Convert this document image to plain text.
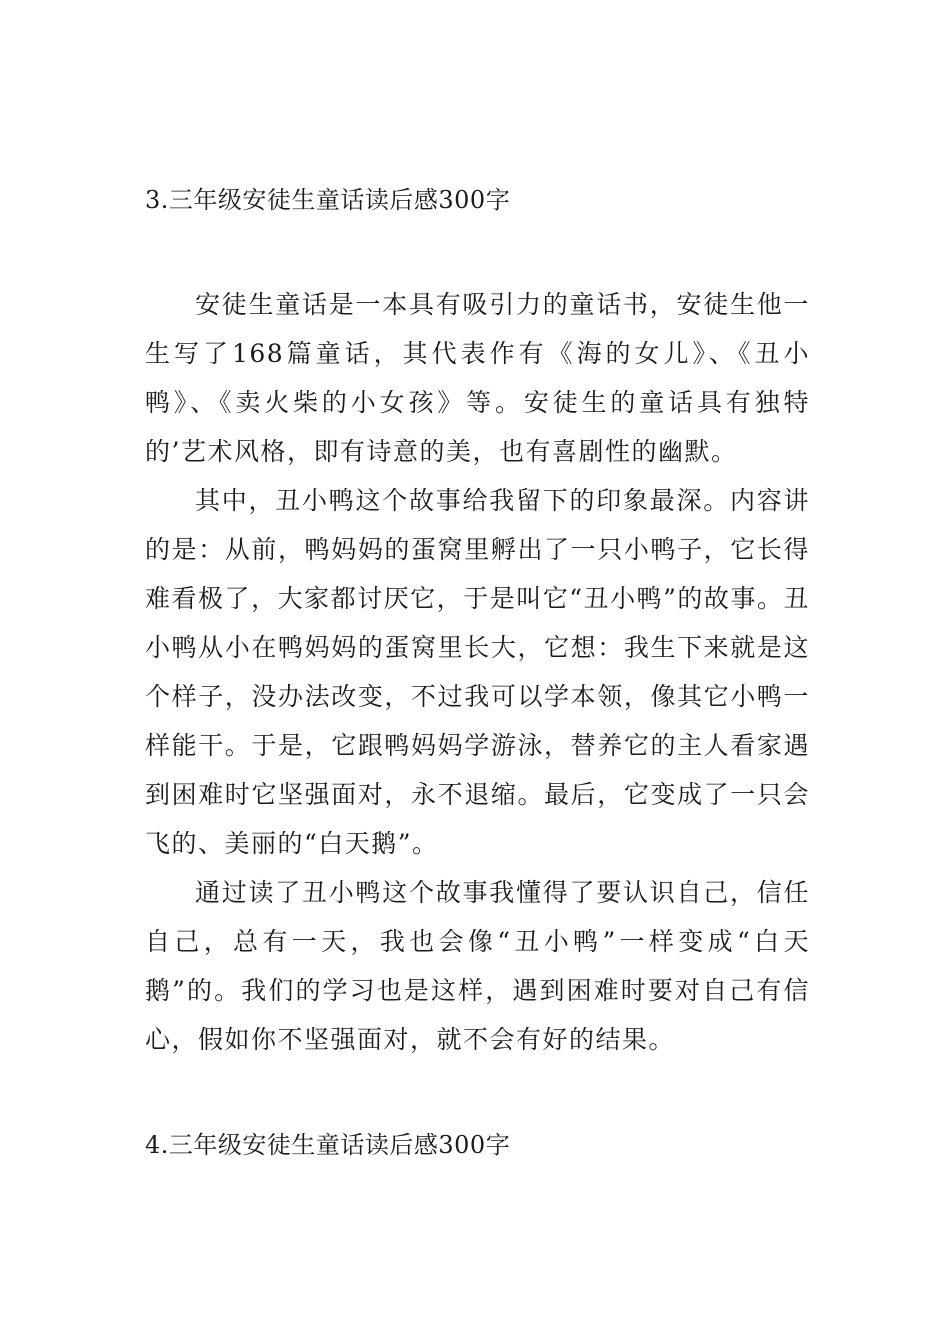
3.三年级安徒生童话读后感300字

安徒生童话是一本具有吸引力的童话书，安徒生他一生写了168篇童话，其代表作有《海的女儿》、《丑小鸭》、《卖火柴的小女孩》等。安徒生的童话具有独特的’艺术风格，即有诗意的美，也有喜剧性的幽默。

其中，丑小鸭这个故事给我留下的印象最深。内容讲的是：从前，鸭妈妈的蛋窝里孵出了一只小鸭子，它长得难看极了，大家都讨厌它，于是叫它“丑小鸭”的故事。丑小鸭从小在鸭妈妈的蛋窝里长大，它想：我生下来就是这个样子，没办法改变，不过我可以学本领，像其它小鸭一样能干。于是，它跟鸭妈妈学游泳，替养它的主人看家遇到困难时它坚强面对，永不退缩。最后，它变成了一只会飞的、美丽的“白天鹅”。

通过读了丑小鸭这个故事我懂得了要认识自己，信任自己，总有一天，我也会像“丑小鸭”一样变成“白天鹅”的。我们的学习也是这样，遇到困难时要对自己有信心，假如你不坚强面对，就不会有好的结果。

4.三年级安徒生童话读后感300字
